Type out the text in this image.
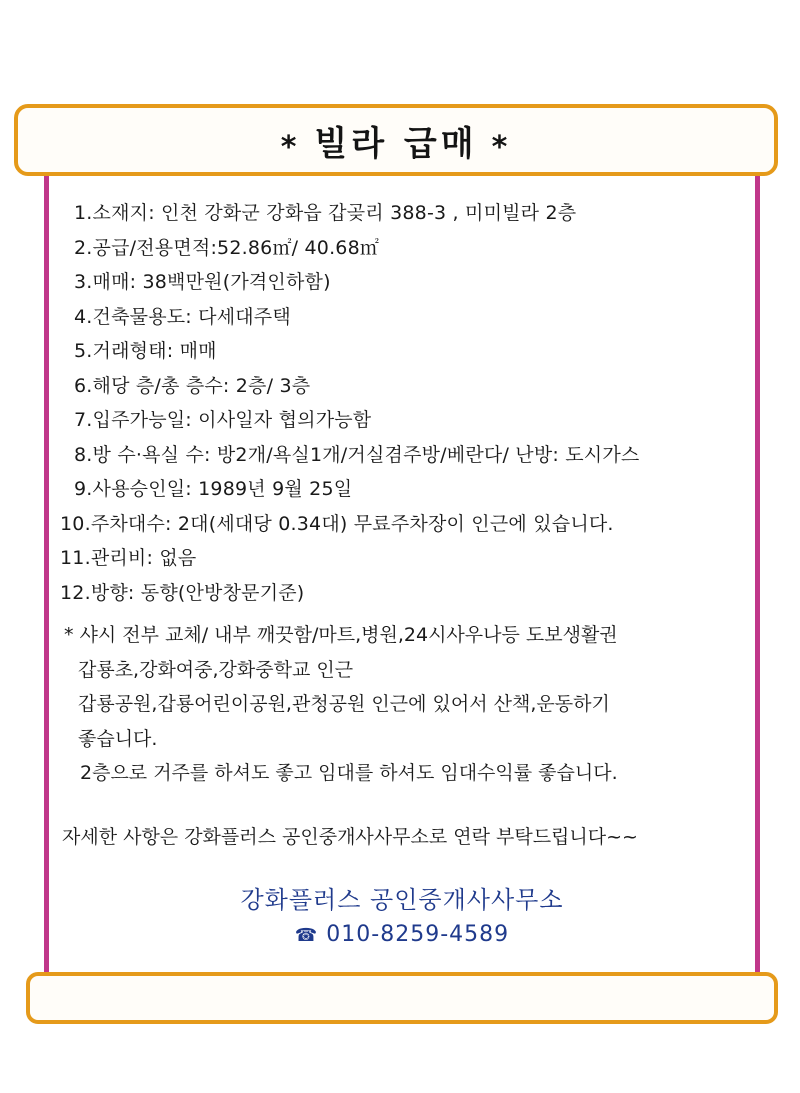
* 빌라 급매 *
1.소재지: 인천 강화군 강화읍 갑곶리 388-3 , 미미빌라 2층
2.공급/전용면적:52.86㎡/ 40.68㎡
3.매매: 38백만원(가격인하함)
4.건축물용도: 다세대주택
5.거래형태: 매매
6.해당 층/총 층수: 2층/ 3층
7.입주가능일: 이사일자 협의가능함
8.방 수·욕실 수: 방2개/욕실1개/거실겸주방/베란다/ 난방: 도시가스
9.사용승인일: 1989년 9월 25일
10.주차대수: 2대(세대당 0.34대) 무료주차장이 인근에 있습니다.
11.관리비: 없음
12.방향: 동향(안방창문기준)
* 샤시 전부 교체/ 내부 깨끗함/마트,병원,24시사우나등 도보생활권
갑룡초,강화여중,강화중학교 인근
갑룡공원,갑룡어린이공원,관청공원 인근에 있어서 산책,운동하기
좋습니다.
2층으로 거주를 하셔도 좋고 임대를 하셔도 임대수익률 좋습니다.
자세한 사항은 강화플러스 공인중개사사무소로 연락 부탁드립니다~~
강화플러스 공인중개사사무소
☎ 010-8259-4589
